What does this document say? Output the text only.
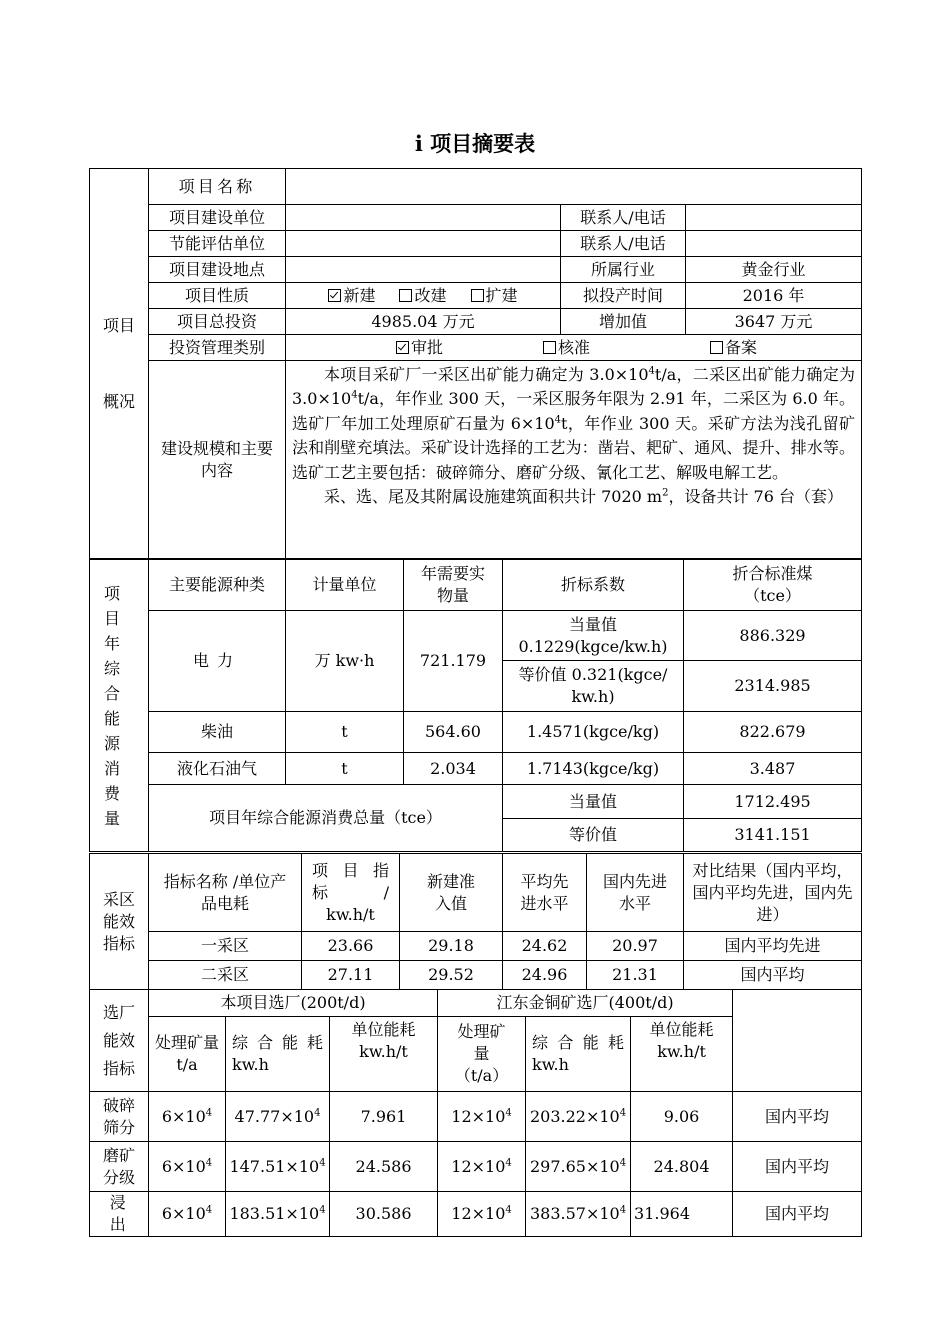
i 项目摘要表
项目
概况	项目名称			
	项目建设单位		联系人/电话	
	节能评估单位		联系人/电话	
	项目建设地点		所属行业	黄金行业
	项目性质	新建 改建 扩建	拟投产时间	2016 年
	项目总投资	4985.04 万元	增加值	3647 万元
	投资管理类别	审批 核准 备案		
	建设规模和主要内容	本项目采矿厂一采区出矿能力确定为 $3.0\times 10^4t/a$，二采区出矿能力确定为 $3.0\times 10^4t/a$，年作业 300 天，一采区服务年限为 2.91 年，二采区为 6.0 年。选矿厂年加工处理原矿石量为 $6\times 10^4t$，年作业 300 天。采矿方法为浅孔留矿法和削壁充填法。采矿设计选择的工艺为：凿岩、耙矿、通风、提升、排水等。选矿工艺主要包括：破碎筛分、磨矿分级、氰化工艺、解吸电解工艺。
采、选、尾及其附属设施建筑面积共计 7020 $m^2$，设备共计 76 台（套）		
项目年综合能源消费量	主要能源种类	计量单位	年需要实物量	折标系数	折合标准煤（tce）
	电力	万 kw·h	721.179	当量值 0.1229(kgce/kw.h)	886.329
				等价值 0.321(kgce/ kw.h)	2314.985
	柴油	t	564.60	1.4571(kgce/kg)	822.679
	液化石油气	t	2.034	1.7143(kgce/kg)	3.487
	项目年综合能源消费总量（tce）			当量值	1712.495
				等价值	3141.151
采区能效指标	指标名称 /单位产品电耗	项 目 指 标 / kw.h/t	新建准入值	平均先进水平	国内先进水平	对比结果（国内平均，国内平均先进，国内先进）
	一采区	23.66	29.18	24.62	20.97	国内平均先进
	二采区	27.11	29.52	24.96	21.31	国内平均
选厂能效指标	本项目选厂(200t/d)			江东金铜矿选厂(400t/d)			
	处理矿量 t/a	综 合 能 耗 kw.h	单位能耗 kw.h/t	处理矿量（t/a）	综 合 能 耗 kw.h	单位能耗 kw.h/t	
破碎筛分	$6\times 10^4$	$47.77\times 10^4$	7.961	$12\times 10^4$	$203.22\times 10^4$	9.06	国内平均
磨矿分级	$6\times 10^4$	$147.51\times 10^4$	24.586	$12\times 10^4$	$297.65\times 10^4$	24.804	国内平均
浸出	$6\times 10^4$	$183.51\times 10^4$	30.586	$12\times 10^4$	$383.57\times 10^4$	31.964	国内平均
